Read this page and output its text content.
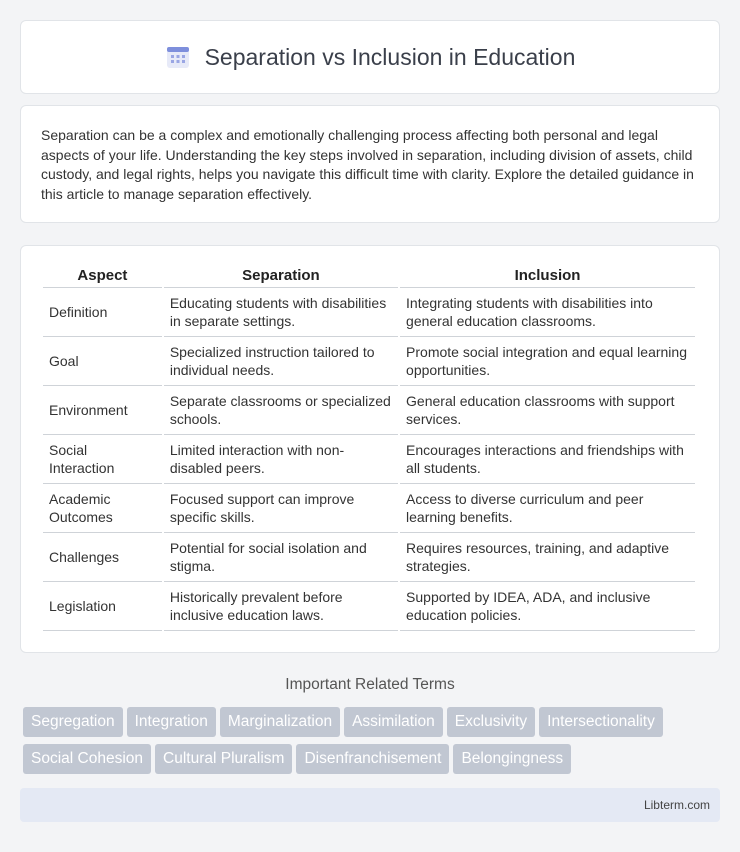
Separation vs Inclusion in Education

Separation can be a complex and emotionally challenging process affecting both personal and legal aspects of your life. Understanding the key steps involved in separation, including division of assets, child custody, and legal rights, helps you navigate this difficult time with clarity. Explore the detailed guidance in this article to manage separation effectively.

Aspect	Separation	Inclusion
Definition	Educating students with disabilities in separate settings.	Integrating students with disabilities into general education classrooms.
Goal	Specialized instruction tailored to individual needs.	Promote social integration and equal learning opportunities.
Environment	Separate classrooms or specialized schools.	General education classrooms with support services.
Social Interaction	Limited interaction with non-disabled peers.	Encourages interactions and friendships with all students.
Academic Outcomes	Focused support can improve specific skills.	Access to diverse curriculum and peer learning benefits.
Challenges	Potential for social isolation and stigma.	Requires resources, training, and adaptive strategies.
Legislation	Historically prevalent before inclusive education laws.	Supported by IDEA, ADA, and inclusive education policies.
Important Related Terms
Segregation Integration Marginalization Assimilation Exclusivity Intersectionality
Social Cohesion Cultural Pluralism Disenfranchisement Belongingness
Libterm.com
